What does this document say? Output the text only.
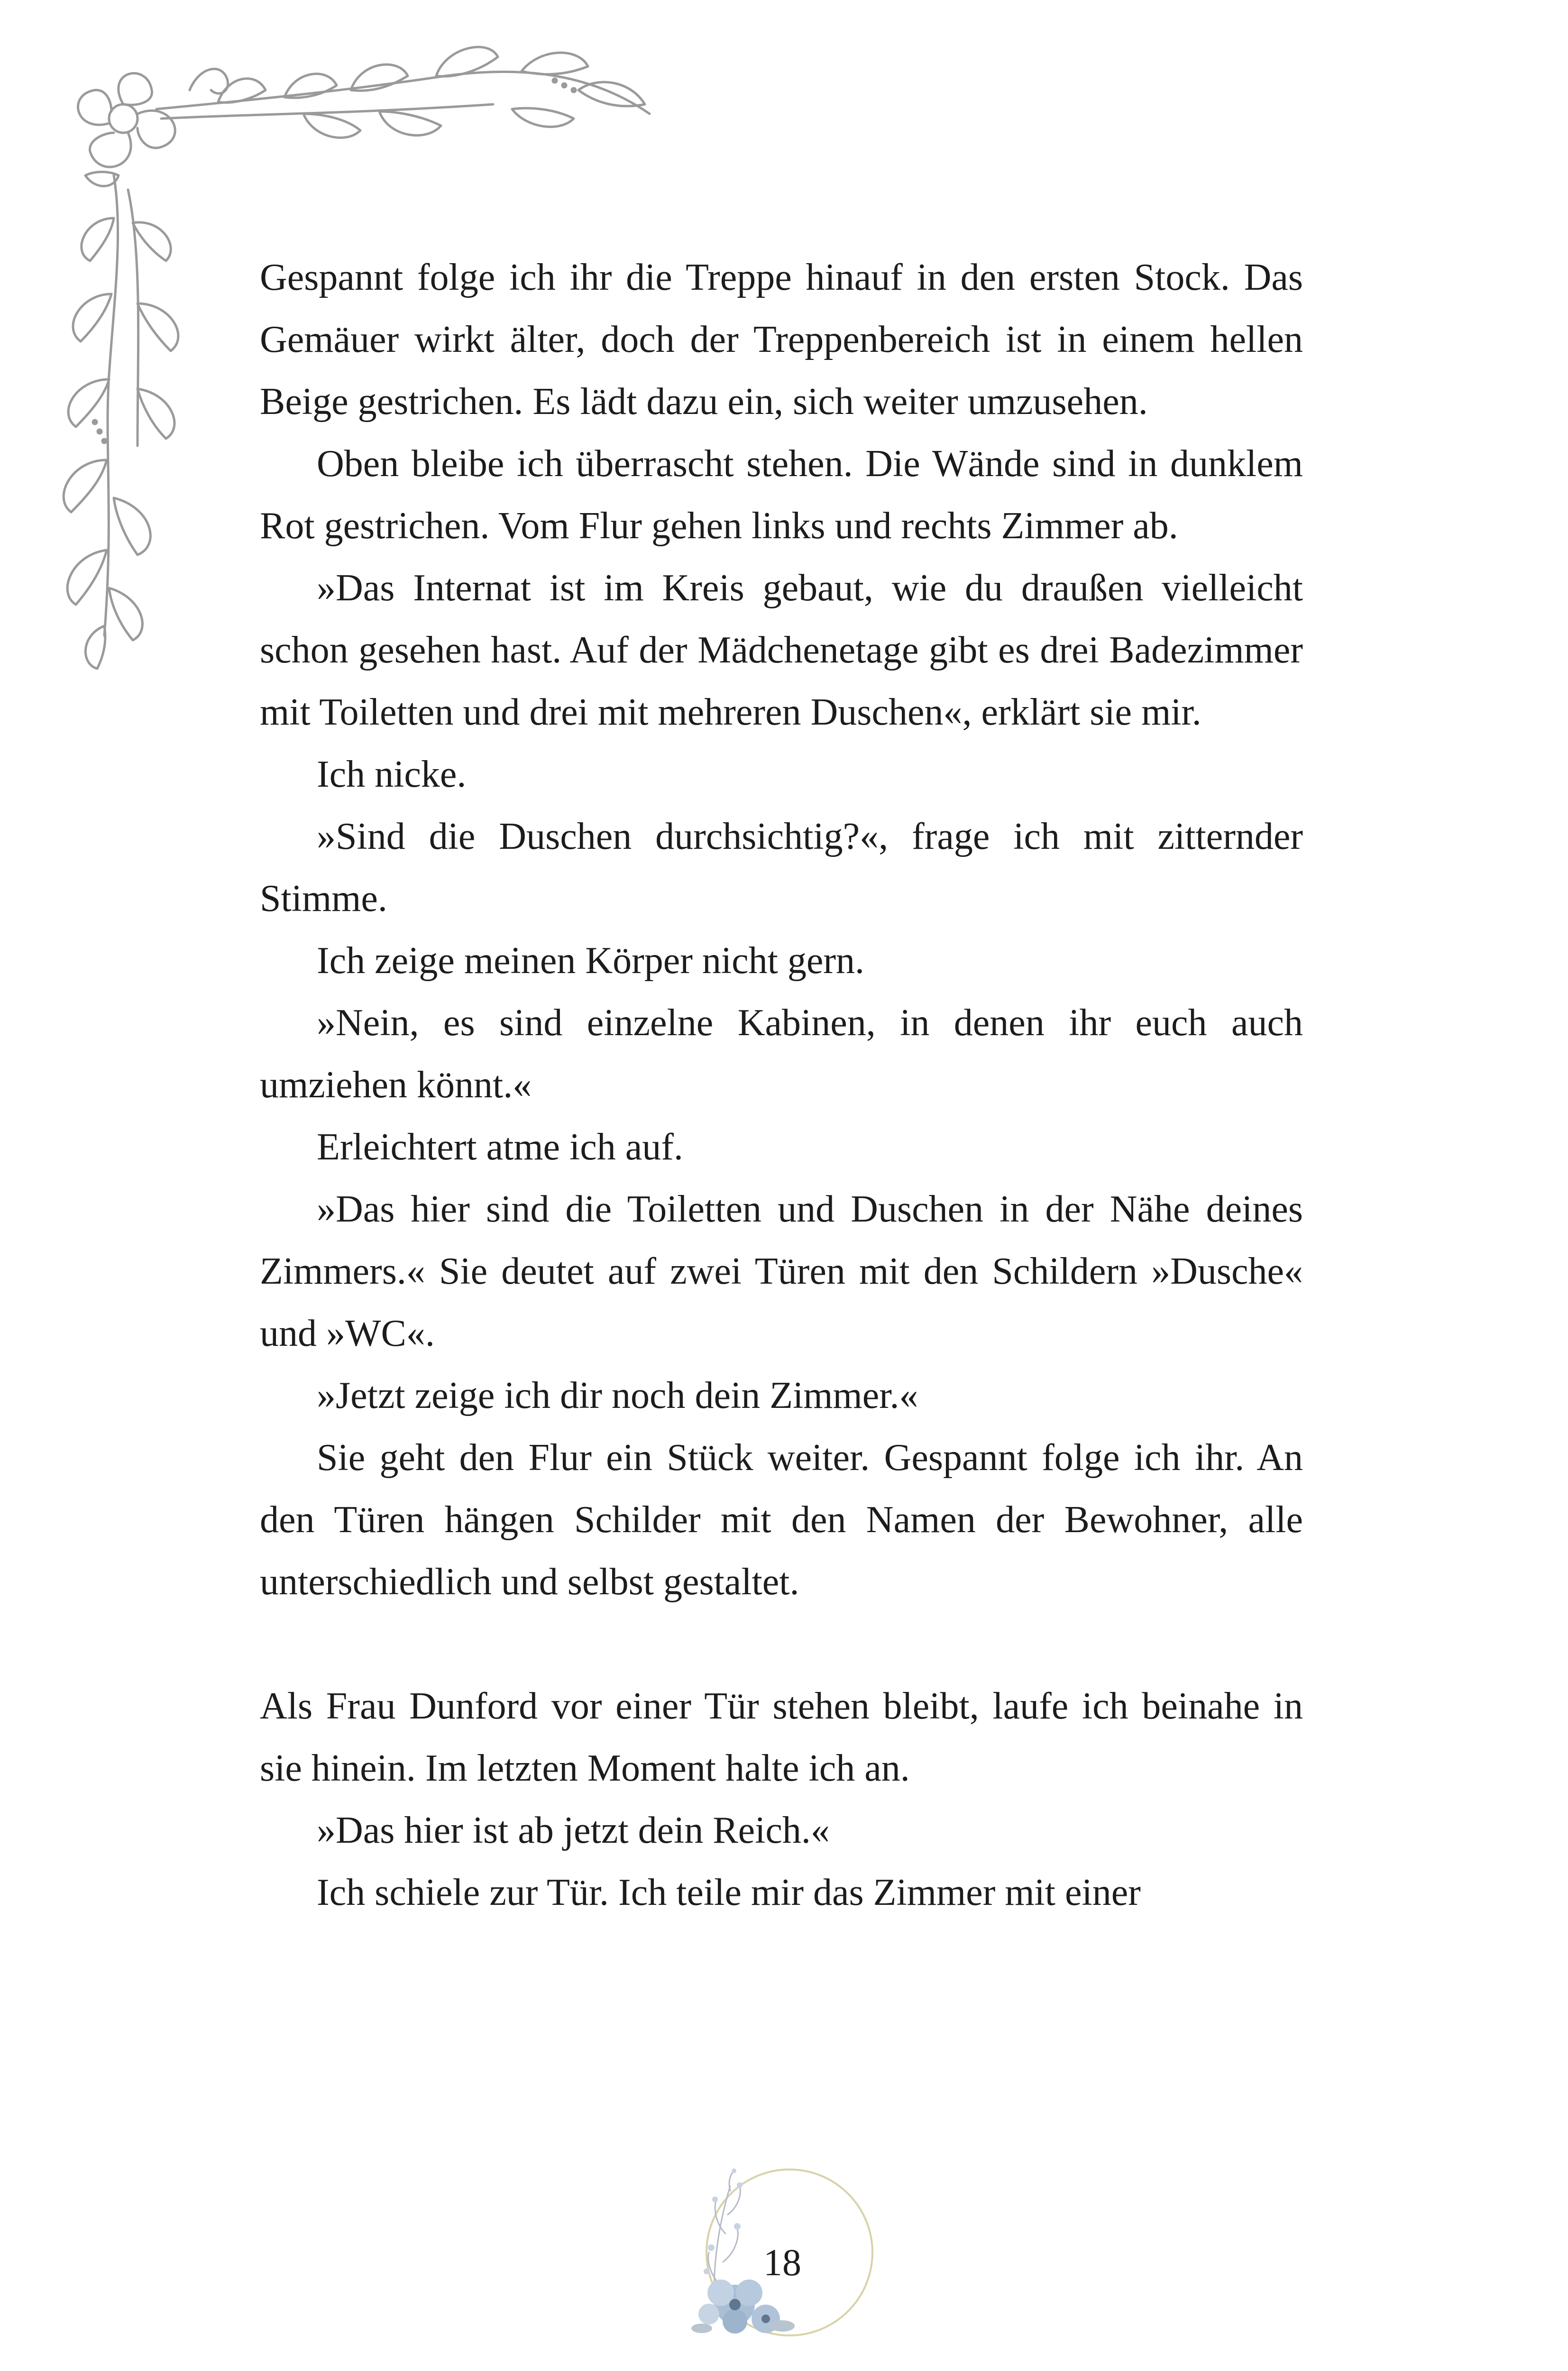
Gespannt folge ich ihr die Treppe hinauf in den ersten Stock. Das Gemäuer wirkt älter, doch der Treppenbereich ist in einem hellen Beige gestrichen. Es lädt dazu ein, sich weiter umzusehen.

Oben bleibe ich überrascht stehen. Die Wände sind in dunklem Rot gestrichen. Vom Flur gehen links und rechts Zimmer ab.

»Das Internat ist im Kreis gebaut, wie du draußen vielleicht schon gesehen hast. Auf der Mädchenetage gibt es drei Badezimmer mit Toiletten und drei mit mehreren Duschen«, erklärt sie mir.

Ich nicke.

»Sind die Duschen durchsichtig?«, frage ich mit zitternder Stimme.

Ich zeige meinen Körper nicht gern.

»Nein, es sind einzelne Kabinen, in denen ihr euch auch umziehen könnt.«

Erleichtert atme ich auf.

»Das hier sind die Toiletten und Duschen in der Nähe deines Zimmers.« Sie deutet auf zwei Türen mit den Schildern »Dusche« und »WC«.

»Jetzt zeige ich dir noch dein Zimmer.«

Sie geht den Flur ein Stück weiter. Gespannt folge ich ihr. An den Türen hängen Schilder mit den Namen der Bewohner, alle unterschiedlich und selbst gestaltet.

Als Frau Dunford vor einer Tür stehen bleibt, laufe ich beinahe in sie hinein. Im letzten Moment halte ich an.

»Das hier ist ab jetzt dein Reich.«

Ich schiele zur Tür. Ich teile mir das Zimmer mit einer

18
